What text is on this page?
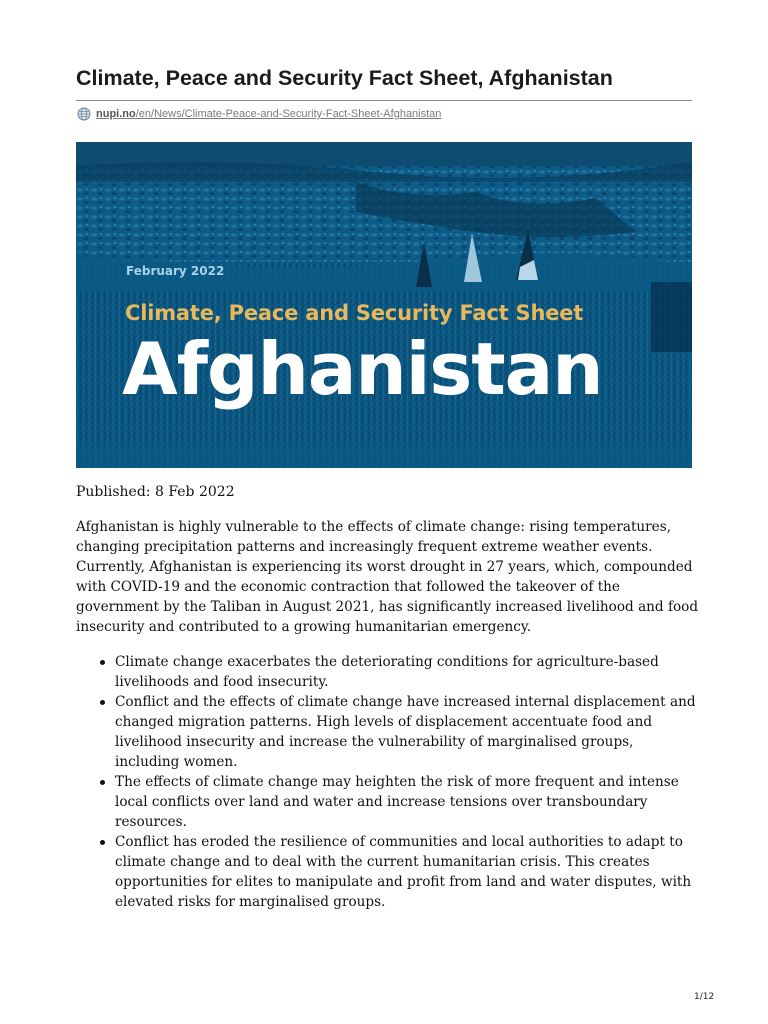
Climate, Peace and Security Fact Sheet, Afghanistan
nupi.no/en/News/Climate-Peace-and-Security-Fact-Sheet-Afghanistan
February 2022
Climate, Peace and Security Fact Sheet
Afghanistan

Published: 8 Feb 2022

Afghanistan is highly vulnerable to the effects of climate change: rising temperatures, changing precipitation patterns and increasingly frequent extreme weather events. Currently, Afghanistan is experiencing its worst drought in 27 years, which, compounded with COVID-19 and the economic contraction that followed the takeover of the government by the Taliban in August 2021, has significantly increased livelihood and food insecurity and contributed to a growing humanitarian emergency.

Climate change exacerbates the deteriorating conditions for agriculture-based livelihoods and food insecurity.
Conflict and the effects of climate change have increased internal displacement and changed migration patterns. High levels of displacement accentuate food and livelihood insecurity and increase the vulnerability of marginalised groups, including women.
The effects of climate change may heighten the risk of more frequent and intense local conflicts over land and water and increase tensions over transboundary resources.
Conflict has eroded the resilience of communities and local authorities to adapt to climate change and to deal with the current humanitarian crisis. This creates opportunities for elites to manipulate and profit from land and water disputes, with elevated risks for marginalised groups.
1/12
